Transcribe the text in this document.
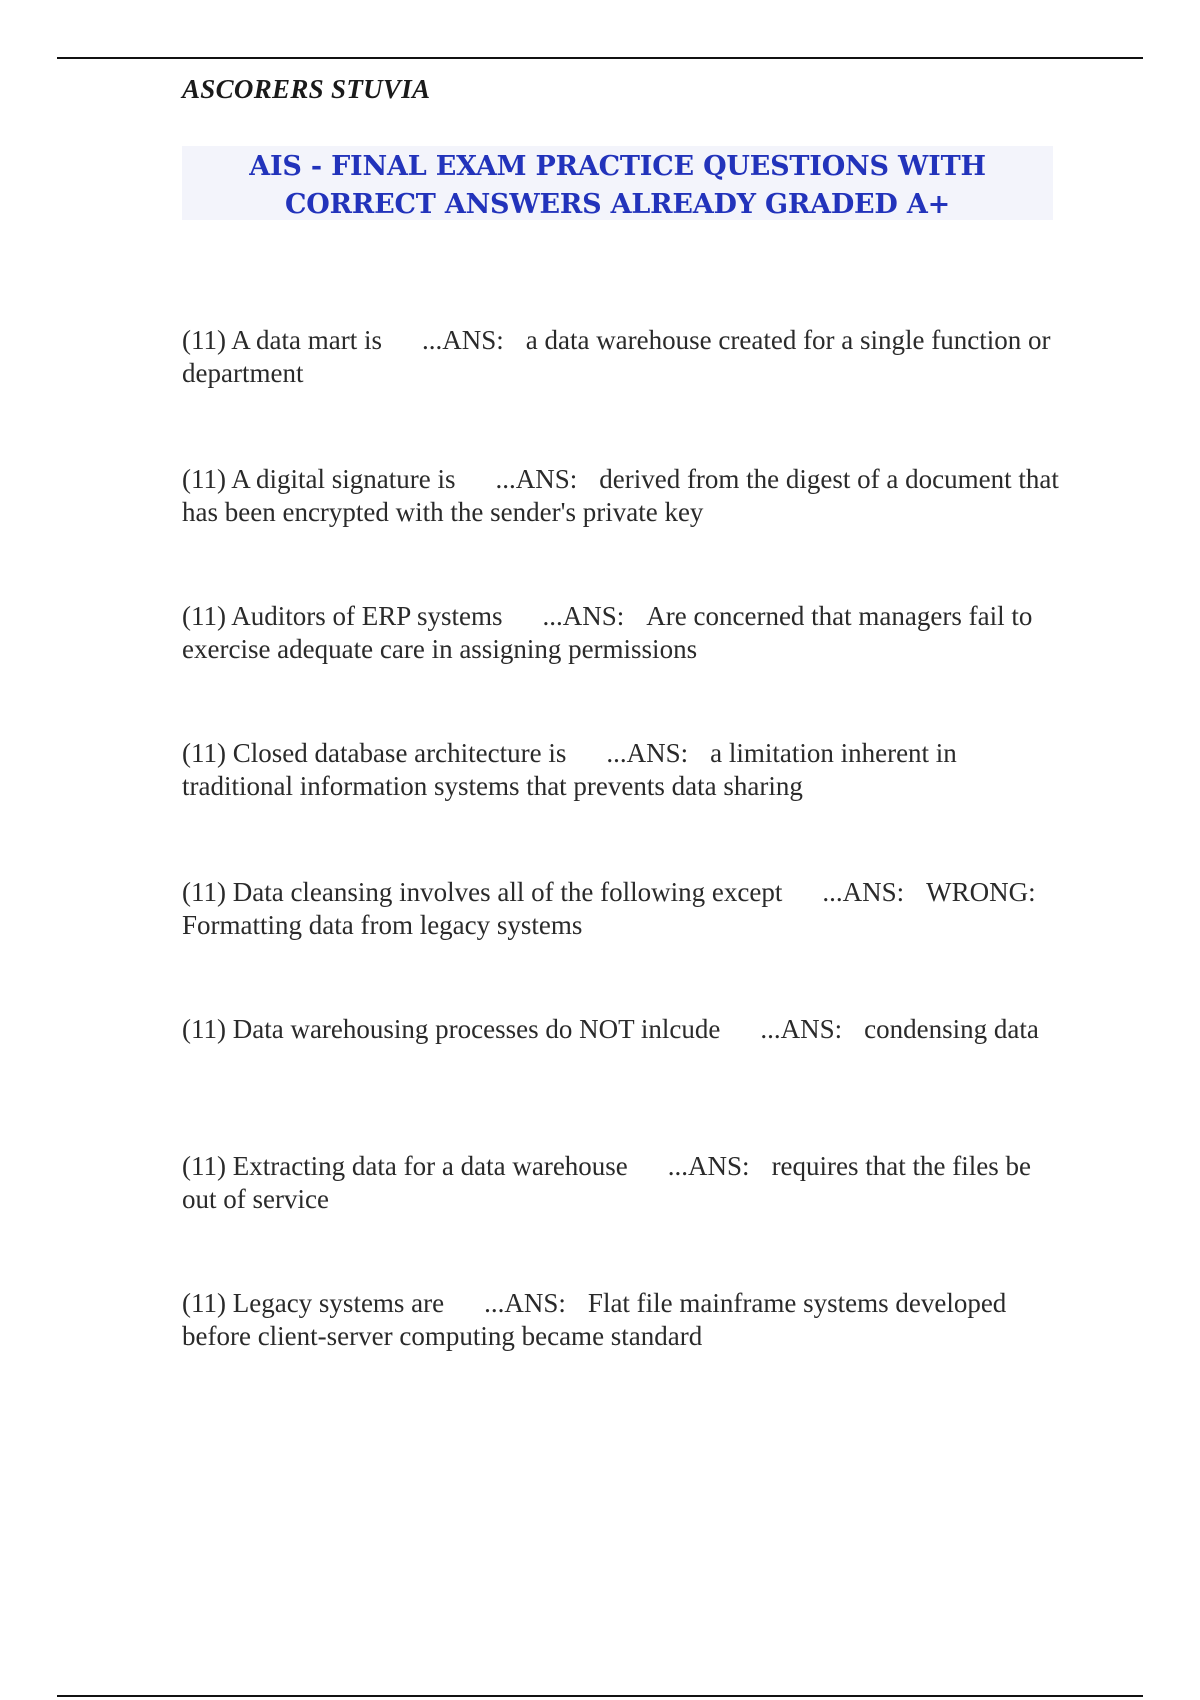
ASCORERS STUVIA
AIS - FINAL EXAM PRACTICE QUESTIONS WITH CORRECT ANSWERS ALREADY GRADED A+
(11) A data mart is ...ANS: a data warehouse created for a single function or department
(11) A digital signature is ...ANS: derived from the digest of a document that has been encrypted with the sender's private key
(11) Auditors of ERP systems ...ANS: Are concerned that managers fail to exercise adequate care in assigning permissions
(11) Closed database architecture is ...ANS: a limitation inherent in traditional information systems that prevents data sharing
(11) Data cleansing involves all of the following except ...ANS: WRONG: Formatting data from legacy systems
(11) Data warehousing processes do NOT inlcude ...ANS: condensing data
(11) Extracting data for a data warehouse ...ANS: requires that the files be out of service
(11) Legacy systems are ...ANS: Flat file mainframe systems developed before client-server computing became standard
